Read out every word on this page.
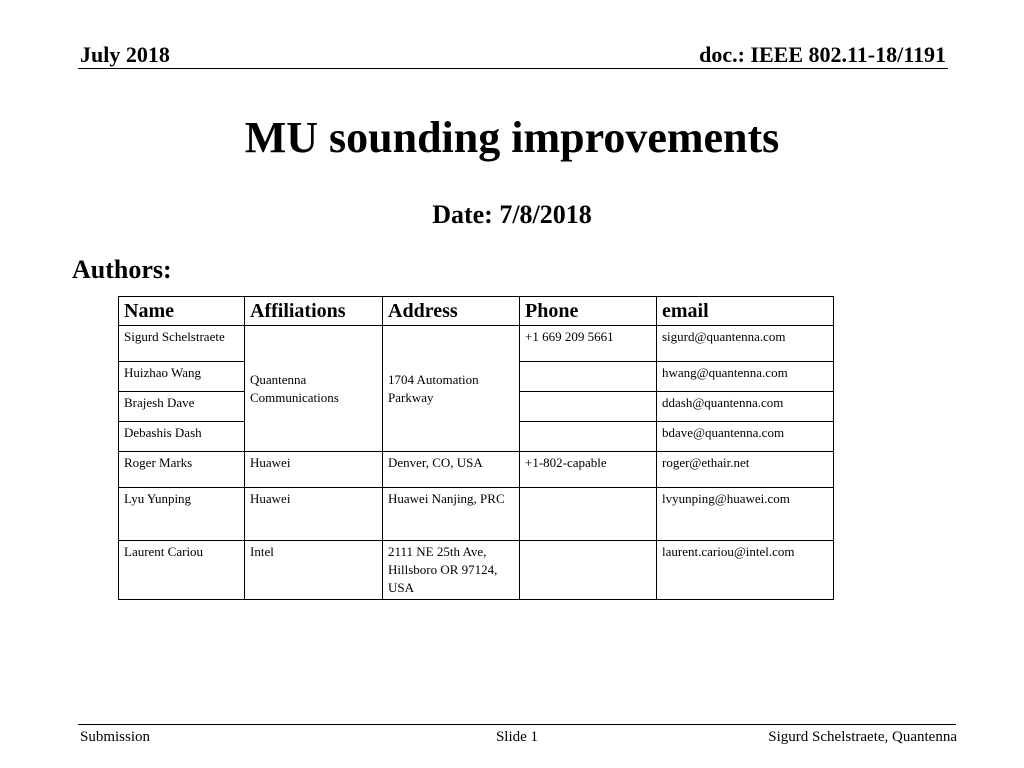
July 2018	doc.: IEEE 802.11-18/1191
MU sounding improvements
Date: 7/8/2018
Authors:
Name	Affiliations	Address	Phone	email
Sigurd Schelstraete	Quantenna Communications	1704 Automation Parkway	+1 669 209 5661	sigurd@quantenna.com
Huizhao Wang				hwang@quantenna.com
Brajesh Dave				ddash@quantenna.com
Debashis Dash				bdave@quantenna.com
Roger Marks	Huawei	Denver, CO, USA	+1-802-capable	roger@ethair.net
Lyu Yunping	Huawei	Huawei Nanjing, PRC		lvyunping@huawei.com
Laurent Cariou	Intel	2111 NE 25th Ave, Hillsboro OR 97124, USA		laurent.cariou@intel.com
Submission	Slide 1	Sigurd Schelstraete, Quantenna
